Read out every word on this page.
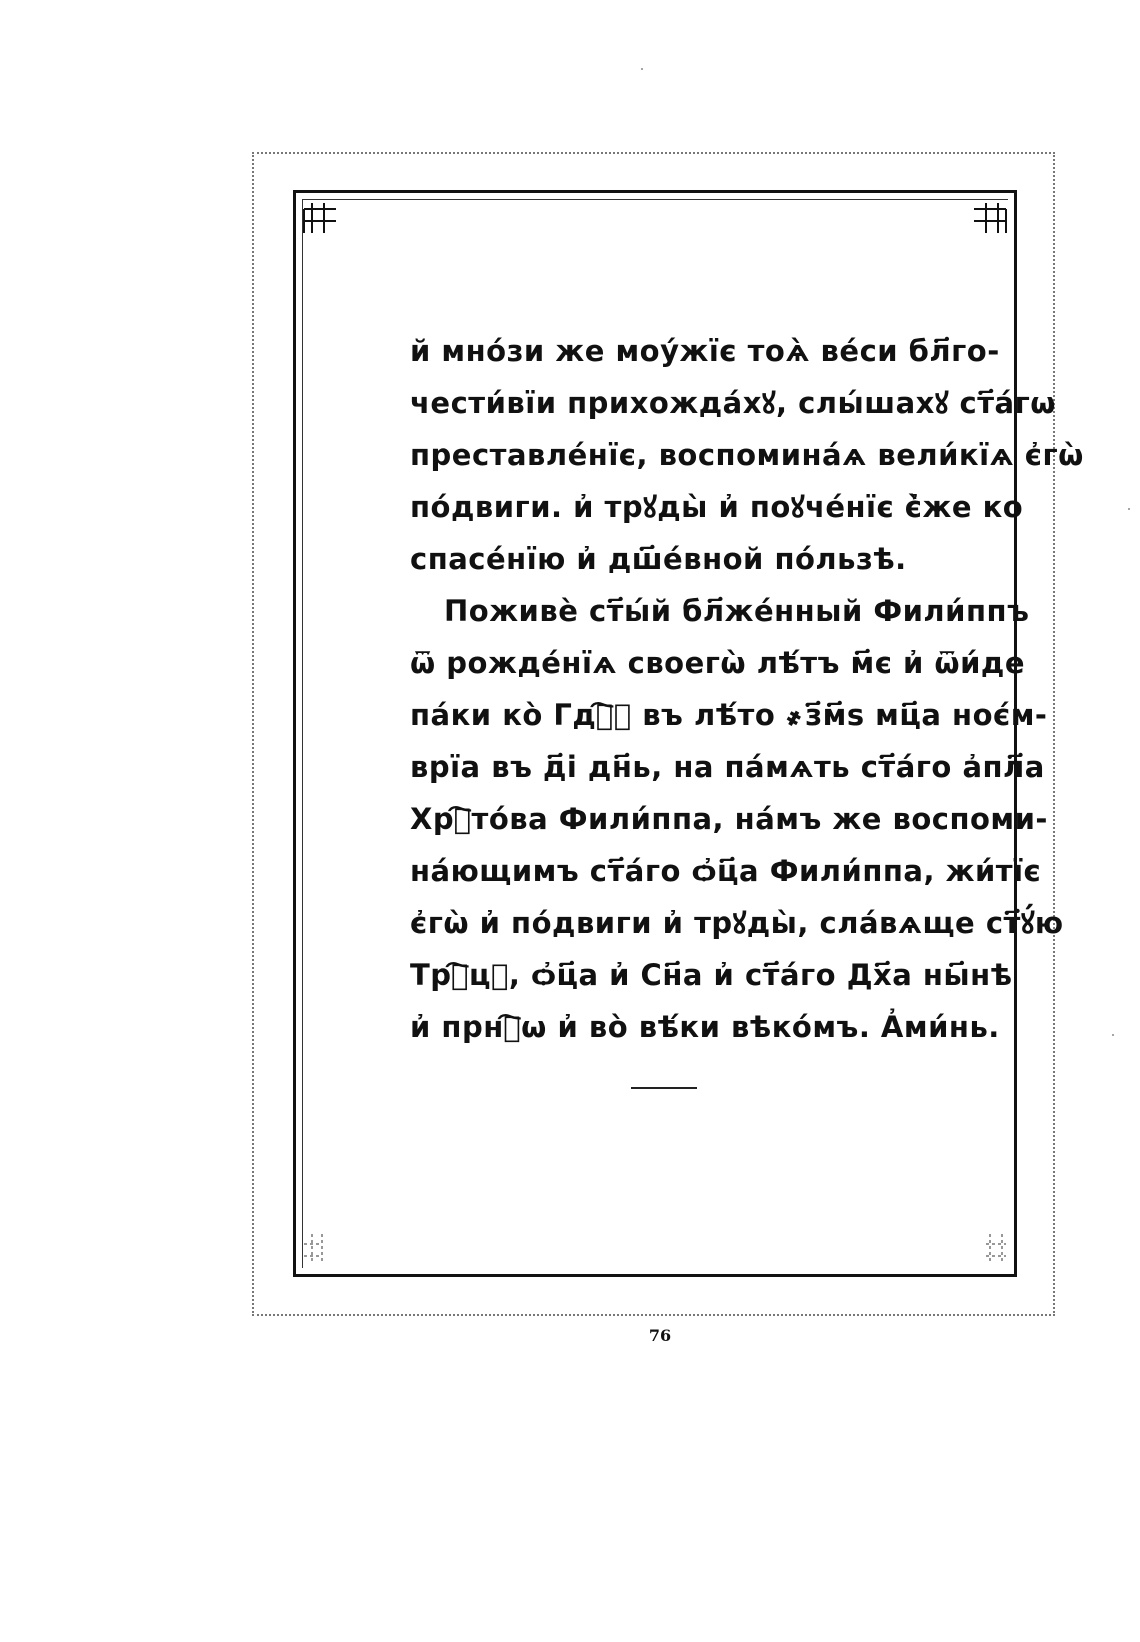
й мно́зи же моу́жїє тоѧ̀ ве́си бл҃го-
чести́вїи прихожда́хꙋ, слы́шахꙋ ст҃а́гѡ
преставле́нїє, воспомина́ѧ вели́кїѧ є҆гѡ̀
по́двиги. и҆ трꙋды̀ и҆ поꙋче́нїє є҆̀же ко
спасе́нїю и҆ дш҃е́вной по́льзѣ.
Поживѐ ст҃ы́й бл҃же́нный Фили́ппъ
ѿ рожде́нїѧ своегѡ̀ лѣ́тъ м҃є и҆ ѿи́де
па́ки ко̀ Гдⷭ҇ꙋ въ лѣ́то ҂з҃м҃ѕ мц҃а ноє́м-
врїа въ д҃і дн҃ь, на па́мѧть ст҃а́го а҆пл҃а
Хрⷭ҇то́ва Фили́ппа, на́мъ же воспоми-
на́ющимъ ст҃а́го ѻ҆ц҃а Фили́ппа, жи́тїє
є҆гѡ̀ и҆ по́двиги и҆ трꙋды̀, сла́вѧще ст҃ꙋ́ю
Трⷪ҇цꙋ, ѻ҆ц҃а и҆ Сн҃а и҆ ст҃а́го Дх҃а ны҃нѣ
и҆ прнⷭ҇ѡ и҆ во̀ вѣ́ки вѣко́мъ. А҆ми́нь.
76
